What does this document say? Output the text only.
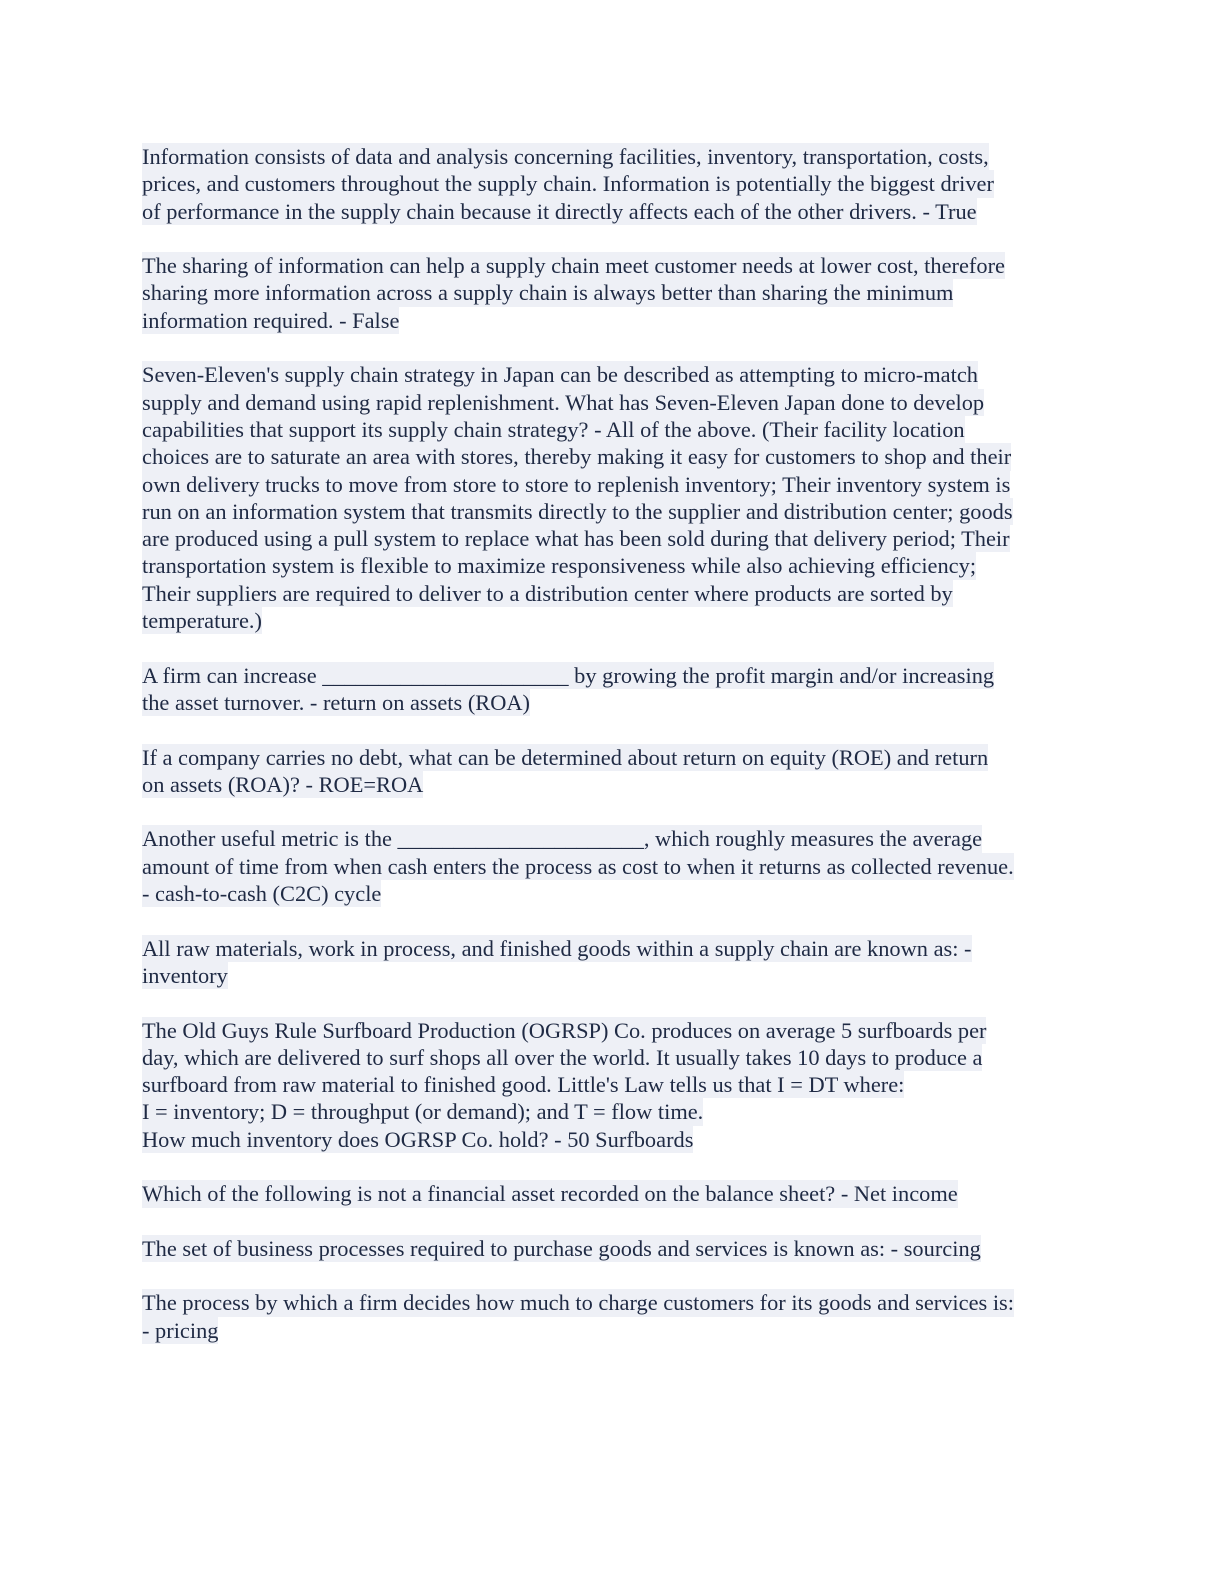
Information consists of data and analysis concerning facilities, inventory, transportation, costs,
prices, and customers throughout the supply chain. Information is potentially the biggest driver
of performance in the supply chain because it directly affects each of the other drivers. - True
The sharing of information can help a supply chain meet customer needs at lower cost, therefore
sharing more information across a supply chain is always better than sharing the minimum
information required. - False
Seven-Eleven's supply chain strategy in Japan can be described as attempting to micro-match
supply and demand using rapid replenishment. What has Seven-Eleven Japan done to develop
capabilities that support its supply chain strategy? - All of the above. (Their facility location
choices are to saturate an area with stores, thereby making it easy for customers to shop and their
own delivery trucks to move from store to store to replenish inventory; Their inventory system is
run on an information system that transmits directly to the supplier and distribution center; goods
are produced using a pull system to replace what has been sold during that delivery period; Their
transportation system is flexible to maximize responsiveness while also achieving efficiency;
Their suppliers are required to deliver to a distribution center where products are sorted by
temperature.)
A firm can increase ______________________ by growing the profit margin and/or increasing
the asset turnover. - return on assets (ROA)
If a company carries no debt, what can be determined about return on equity (ROE) and return
on assets (ROA)? - ROE=ROA
Another useful metric is the ______________________, which roughly measures the average
amount of time from when cash enters the process as cost to when it returns as collected revenue.
- cash-to-cash (C2C) cycle
All raw materials, work in process, and finished goods within a supply chain are known as: -
inventory
The Old Guys Rule Surfboard Production (OGRSP) Co. produces on average 5 surfboards per
day, which are delivered to surf shops all over the world. It usually takes 10 days to produce a
surfboard from raw material to finished good. Little's Law tells us that I = DT where:
I = inventory; D = throughput (or demand); and T = flow time.
How much inventory does OGRSP Co. hold? - 50 Surfboards
Which of the following is not a financial asset recorded on the balance sheet? - Net income
The set of business processes required to purchase goods and services is known as: - sourcing
The process by which a firm decides how much to charge customers for its goods and services is:
- pricing
